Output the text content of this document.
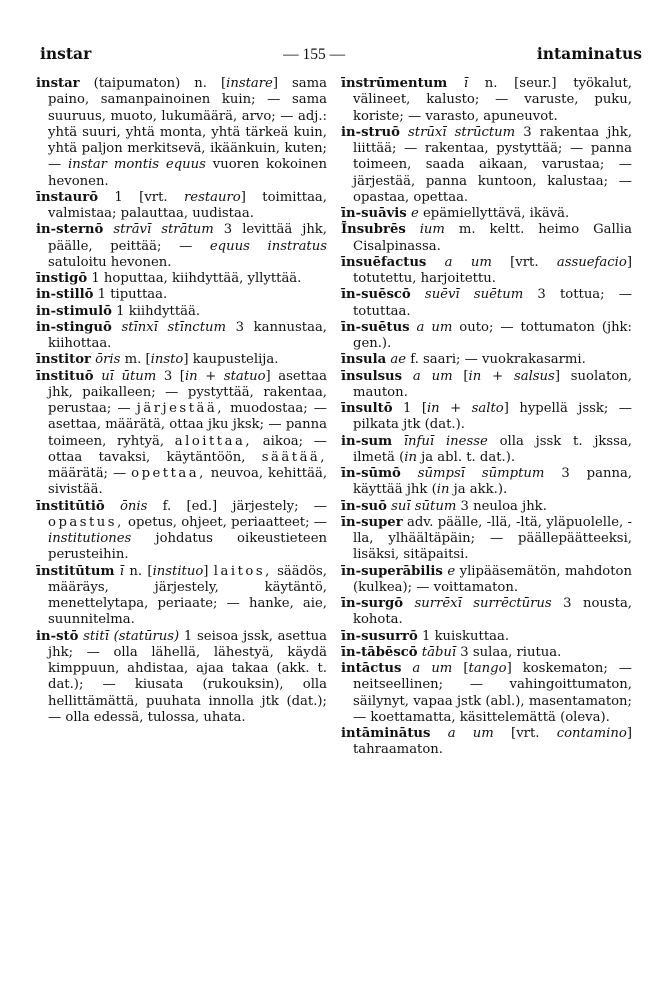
instar	— 155 —	intaminatus

instar (taipumaton) n. [instare] sama paino, samanpainoinen kuin; — sama suuruus, muoto, lukumäärä, arvo; — adj.: yhtä suuri, yhtä monta, yhtä tärkeä kuin, yhtä paljon merkitsevä, ikäänkuin, kuten; — instar montis equus vuoren kokoinen hevonen.

īnstaurō 1 [vrt. restauro] toimittaa, valmistaa; palauttaa, uudistaa.

in-sternō strāvī strātum 3 levittää jhk, päälle, peittää; — equus instratus satuloitu hevonen.

īnstigō 1 hoputtaa, kiihdyttää, yllyttää.

in-stillō 1 tiputtaa.

in-stimulō 1 kiihdyttää.

in-stinguō stīnxī stīnctum 3 kannustaa, kiihottaa.

īnstitor ōris m. [insto] kaupustelija.

īnstituō uī ūtum 3 [in + statuo] asettaa jhk, paikalleen; — pystyttää, rakentaa, perustaa; — järjestää, muodostaa; — asettaa, määrätä, ottaa jku jksk; — panna toimeen, ryhtyä, aloittaa, aikoa; — ottaa tavaksi, käytäntöön, säätää, määrätä; — opettaa, neuvoa, kehittää, sivistää.

īnstitūtiō ōnis f. [ed.] järjestely; — opastus, opetus, ohjeet, periaatteet; — institutiones johdatus oikeustieteen perusteihin.

īnstitūtum ī n. [instituo] laitos, säädös, määräys, järjestely, käytäntö, menettelytapa, periaate; — hanke, aie, suunnitelma.

in-stō stitī (statūrus) 1 seisoa jssk, asettua jhk; — olla lähellä, lähestyä, käydä kimppuun, ahdistaa, ajaa takaa (akk. t. dat.); — kiusata (rukouksin), olla hellittämättä, puuhata innolla jtk (dat.); — olla edessä, tulossa, uhata.

īnstrūmentum ī n. [seur.] työkalut, välineet, kalusto; — varuste, puku, koriste; — varasto, apuneuvot.

in-struō strūxī strūctum 3 rakentaa jhk, liittää; — rakentaa, pystyttää; — panna toimeen, saada aikaan, varustaa; — järjestää, panna kuntoon, kalustaa; — opastaa, opettaa.

īn-suāvis e epämiellyttävä, ikävä.

Īnsubrēs ium m. keltt. heimo Gallia Cisalpinassa.

īnsuēfactus a um [vrt. assuefacio] totutettu, harjoitettu.

īn-suēscō suēvī suētum 3 tottua; — totuttaa.

īn-suētus a um outo; — tottumaton (jhk: gen.).

īnsula ae f. saari; — vuokrakasarmi.

īnsulsus a um [in + salsus] suolaton, mauton.

īnsultō 1 [in + salto] hypellä jssk; — pilkata jtk (dat.).

in-sum īnfuī inesse olla jssk t. jkssa, ilmetä (in ja abl. t. dat.).

īn-sūmō sūmpsī sūmptum 3 panna, käyttää jhk (in ja akk.).

īn-suō suī sūtum 3 neuloa jhk.

īn-super adv. päälle, -llä, -ltä, yläpuolelle, -lla, ylhäältäpäin; — päällepäätteeksi, lisäksi, sitäpaitsi.

īn-superābilis e ylipääsemätön, mahdoton (kulkea); — voittamaton.

īn-surgō surrēxī surrēctūrus 3 nousta, kohota.

īn-susurrō 1 kuiskuttaa.

īn-tābēscō tābuī 3 sulaa, riutua.

intāctus a um [tango] koskematon; — neitseellinen; — vahingoittumaton, säilynyt, vapaa jstk (abl.), masentamaton; — koettamatta, käsittelemättä (oleva).

intāminātus a um [vrt. contamino] tahraamaton.
